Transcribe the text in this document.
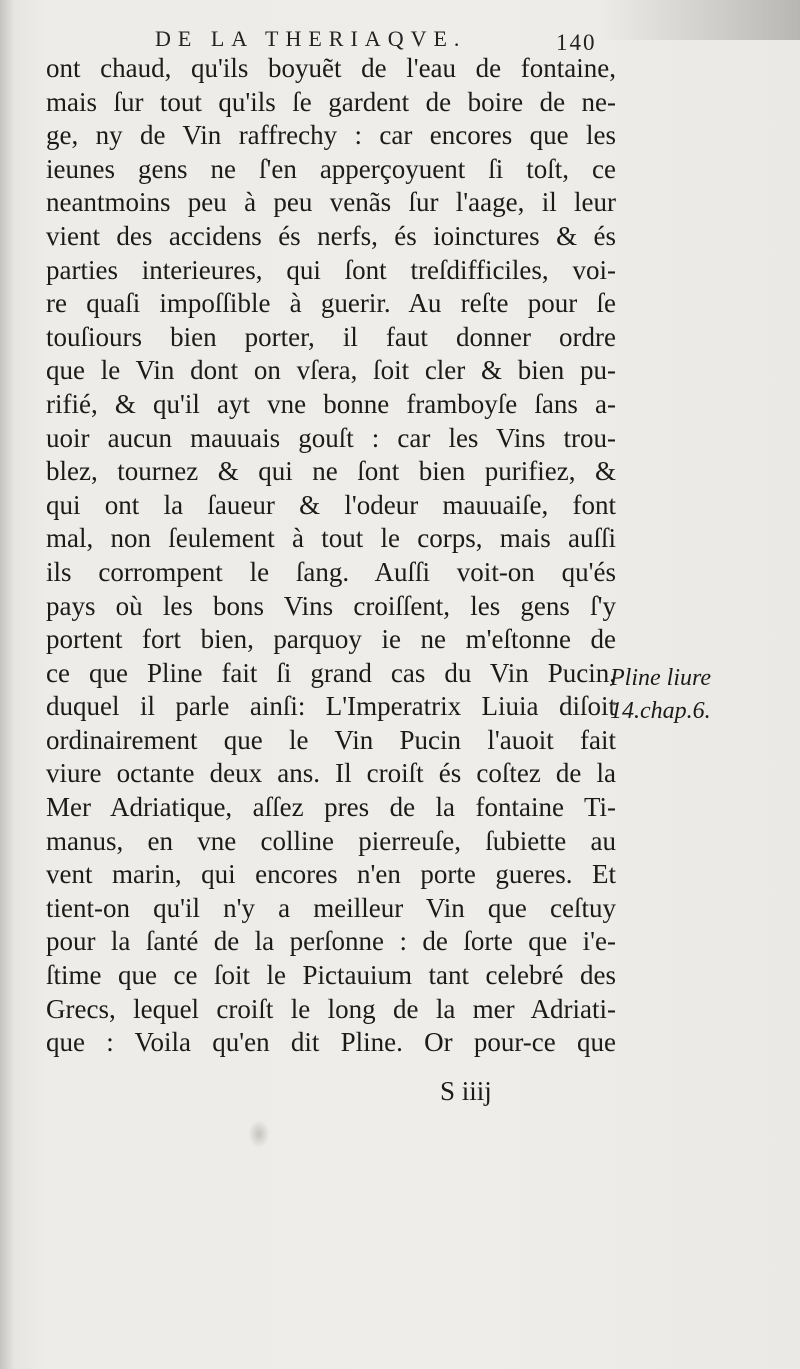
DE LA THERIAQVE.	140
ont chaud, qu'ils boyuẽt de l'eau de fontaine,
mais ſur tout qu'ils ſe gardent de boire de ne-
ge, ny de Vin raffrechy : car encores que les
ieunes gens ne ſ'en apperçoyuent ſi toſt, ce
neantmoins peu à peu venãs ſur l'aage, il leur
vient des accidens és nerfs, és ioinctures & és
parties interieures, qui ſont treſdifficiles, voi-
re quaſi impoſſible à guerir. Au reſte pour ſe
touſiours bien porter, il faut donner ordre
que le Vin dont on vſera, ſoit cler & bien pu-
rifié, & qu'il ayt vne bonne framboyſe ſans a-
uoir aucun mauuais gouſt : car les Vins trou-
blez, tournez & qui ne ſont bien purifiez, &
qui ont la ſaueur & l'odeur mauuaiſe, font
mal, non ſeulement à tout le corps, mais auſſi
ils corrompent le ſang. Auſſi voit-on qu'és
pays où les bons Vins croiſſent, les gens ſ'y
portent fort bien, parquoy ie ne m'eſtonne de
ce que Pline fait ſi grand cas du Vin Pucin,
duquel il parle ainſi: L'Imperatrix Liuia diſoit
ordinairement que le Vin Pucin l'auoit fait
viure octante deux ans. Il croiſt és coſtez de la
Mer Adriatique, aſſez pres de la fontaine Ti-
manus, en vne colline pierreuſe, ſubiette au
vent marin, qui encores n'en porte gueres. Et
tient-on qu'il n'y a meilleur Vin que ceſtuy
pour la ſanté de la perſonne : de ſorte que i'e-
ſtime que ce ſoit le Pictauium tant celebré des
Grecs, lequel croiſt le long de la mer Adriati-
que : Voila qu'en dit Pline. Or pour-ce que
Pline liure
14.chap.6.
S iiij
